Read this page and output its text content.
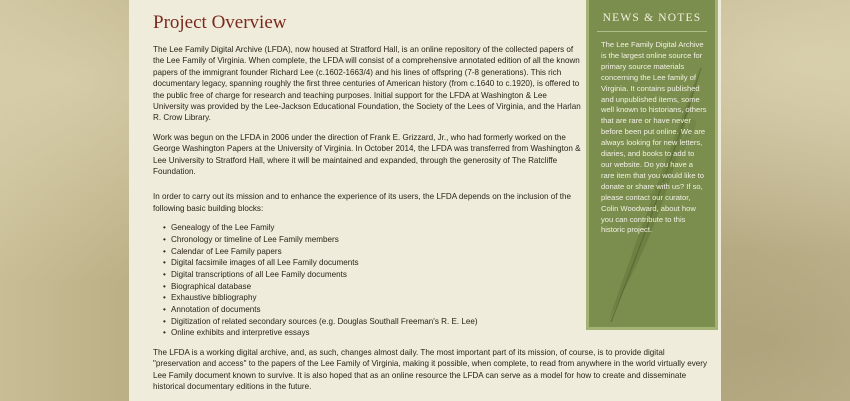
Project Overview

The Lee Family Digital Archive (LFDA), now housed at Stratford Hall, is an online repository of the collected papers of the Lee Family of Virginia. When complete, the LFDA will consist of a comprehensive annotated edition of all the known papers of the immigrant founder Richard Lee (c.1602-1663/4) and his lines of offspring (7-8 generations). This rich documentary legacy, spanning roughly the first three centuries of American history (from c.1640 to c.1920), is offered to the public free of charge for research and teaching purposes. Initial support for the LFDA at Washington & Lee University was provided by the Lee-Jackson Educational Foundation, the Society of the Lees of Virginia, and the Harlan R. Crow Library.

Work was begun on the LFDA in 2006 under the direction of Frank E. Grizzard, Jr., who had formerly worked on the George Washington Papers at the University of Virginia. In October 2014, the LFDA was transferred from Washington & Lee University to Stratford Hall, where it will be maintained and expanded, through the generosity of The Ratcliffe Foundation.

In order to carry out its mission and to enhance the experience of its users, the LFDA depends on the inclusion of the following basic building blocks:

• Genealogy of the Lee Family
• Chronology or timeline of Lee Family members
• Calendar of Lee Family papers
• Digital facsimile images of all Lee Family documents
• Digital transcriptions of all Lee Family documents
• Biographical database
• Exhaustive bibliography
• Annotation of documents
• Digitization of related secondary sources (e.g. Douglas Southall Freeman's R. E. Lee)
• Online exhibits and interpretive essays

The LFDA is a working digital archive, and, as such, changes almost daily. The most important part of its mission, of course, is to provide digital "preservation and access" to the papers of the Lee Family of Virginia, making it possible, when complete, to read from anywhere in the world virtually every Lee Family document known to survive. It is also hoped that as an online resource the LFDA can serve as a model for how to create and disseminate historical documentary editions in the future.

NEWS & NOTES

The Lee Family Digital Archive is the largest online source for primary source materials concerning the Lee family of Virginia. It contains published and unpublished items, some well known to historians, others that are rare or have never before been put online. We are always looking for new letters, diaries, and books to add to our website. Do you have a rare item that you would like to donate or share with us? If so, please contact our curator, Colin Woodward, about how you can contribute to this historic project.
